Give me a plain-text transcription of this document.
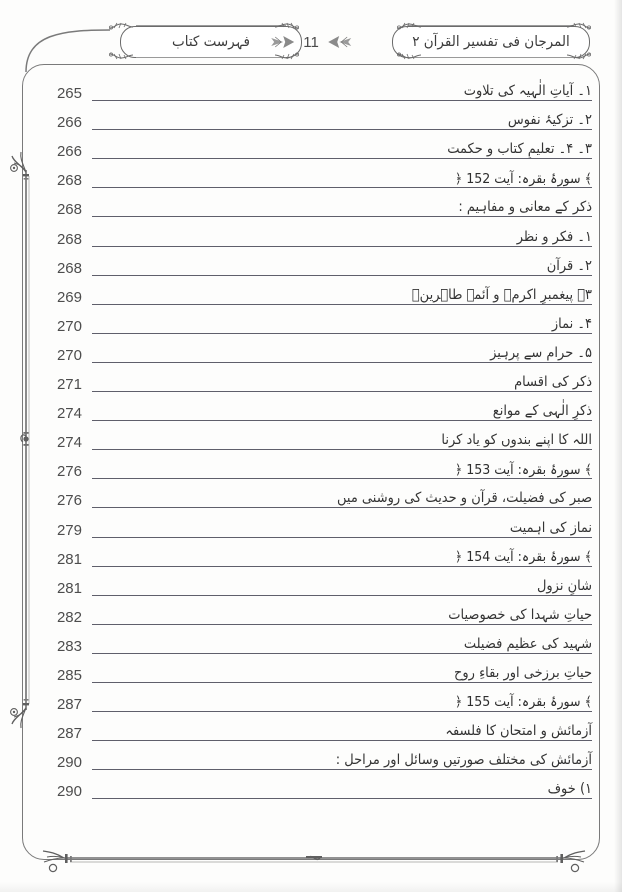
المرجان فی تفسیر القرآن ۲
فہرست کتاب	11
265	۱۔ آیاتِ الٰہیہ کی تلاوت
266	۲۔ تزکیۂ نفوس
266	۳۔ ۴۔ تعلیمِ کتاب و حکمت
268	﴾ سورۂ بقرہ: آیت 152 ﴿
268	ذکر کے معانی و مفاہیم :
268	۱۔ فکر و نظر
268	۲۔ قرآن
269	۳۔ پیغمبرِ اکرمؐ و آئمہ طاہرینؑ
270	۴۔ نماز
270	۵۔ حرام سے پرہیز
271	ذکر کی اقسام
274	ذکرِ الٰہی کے موانع
274	اللہ کا اپنے بندوں کو یاد کرنا
276	﴾ سورۂ بقرہ: آیت 153 ﴿
276	صبر کی فضیلت، قرآن و حدیث کی روشنی میں
279	نماز کی اہمیت
281	﴾ سورۂ بقرہ: آیت 154 ﴿
281	شانِ نزول
282	حیاتِ شہدا کی خصوصیات
283	شہید کی عظیم فضیلت
285	حیاتِ برزخی اور بقاءِ روح
287	﴾ سورۂ بقرہ: آیت 155 ﴿
287	آزمائش و امتحان کا فلسفہ
290	آزمائش کی مختلف صورتیں وسائل اور مراحل :
290	۱) خوف
